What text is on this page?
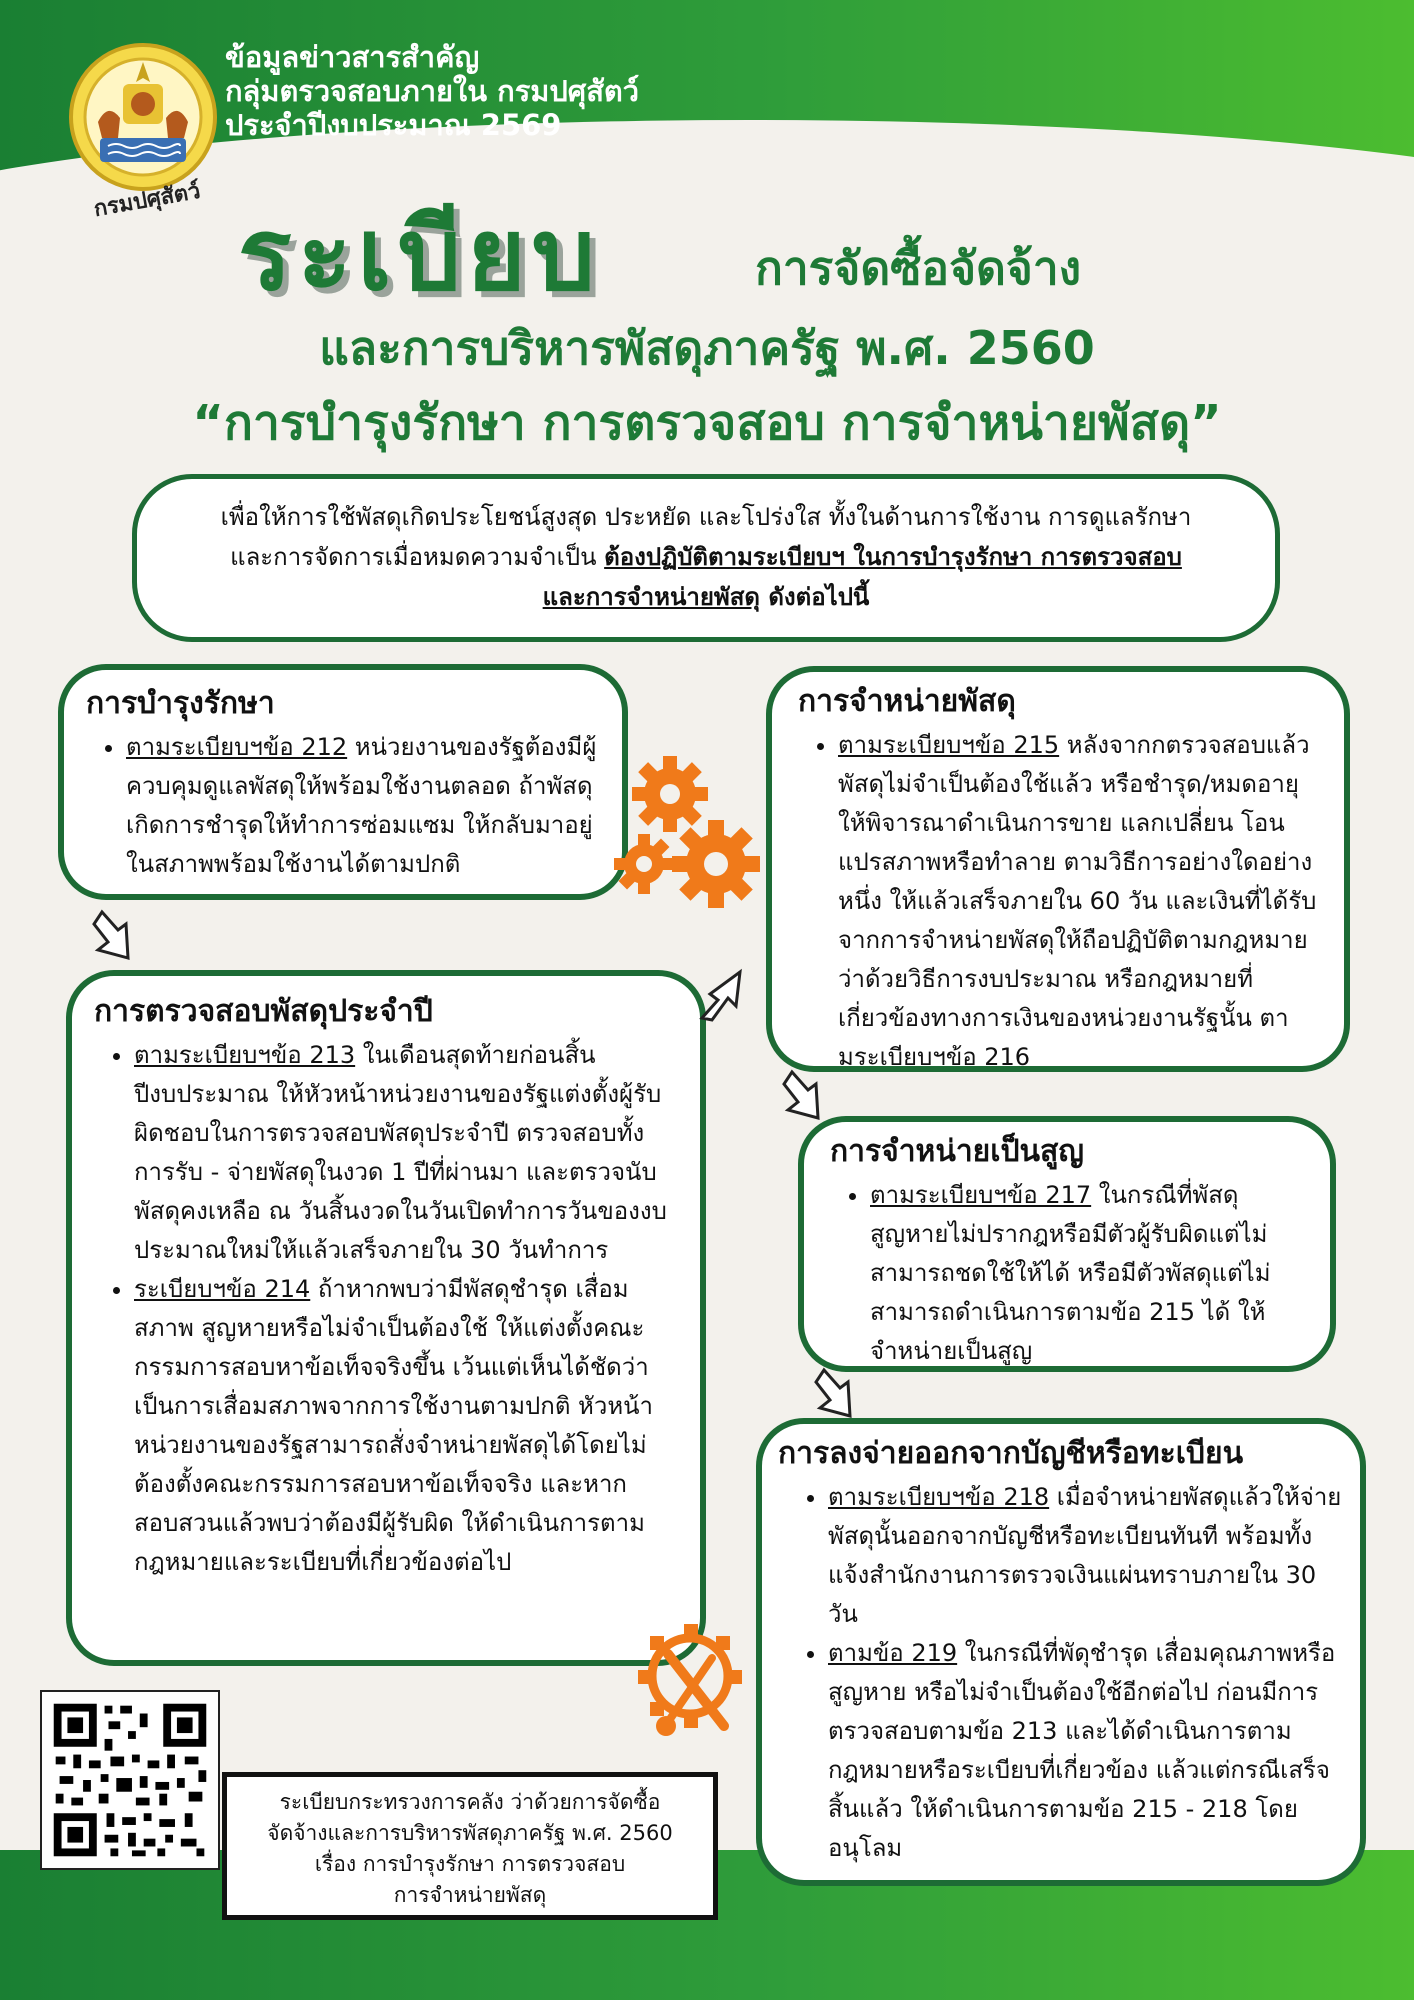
กรมปศุสัตว์
ข้อมูลข่าวสารสำคัญ
กลุ่มตรวจสอบภายใน กรมปศุสัตว์
ประจำปีงบประมาณ 2569
ระเบียบ	การจัดซื้อจัดจ้าง
และการบริหารพัสดุภาครัฐ พ.ศ. 2560
“การบำรุงรักษา การตรวจสอบ การจำหน่ายพัสดุ”
เพื่อให้การใช้พัสดุเกิดประโยชน์สูงสุด ประหยัด และโปร่งใส ทั้งในด้านการใช้งาน การดูแลรักษา
และการจัดการเมื่อหมดความจำเป็น ต้องปฏิบัติตามระเบียบฯ ในการบำรุงรักษา การตรวจสอบ
และการจำหน่ายพัสดุ ดังต่อไปนี้
การบำรุงรักษา
• ตามระเบียบฯข้อ 212 หน่วยงานของรัฐต้องมีผู้ควบคุมดูแลพัสดุให้พร้อมใช้งานตลอด ถ้าพัสดุเกิดการชำรุดให้ทำการซ่อมแซม ให้กลับมาอยู่ในสภาพพร้อมใช้งานได้ตามปกติ
การตรวจสอบพัสดุประจำปี
• ตามระเบียบฯข้อ 213 ในเดือนสุดท้ายก่อนสิ้นปีงบประมาณ ให้หัวหน้าหน่วยงานของรัฐแต่งตั้งผู้รับผิดชอบในการตรวจสอบพัสดุประจำปี ตรวจสอบทั้งการรับ - จ่ายพัสดุในงวด 1 ปีที่ผ่านมา และตรวจนับพัสดุคงเหลือ ณ วันสิ้นงวดในวันเปิดทำการวันของงบประมาณใหม่ให้แล้วเสร็จภายใน 30 วันทำการ
• ระเบียบฯข้อ 214 ถ้าหากพบว่ามีพัสดุชำรุด เสื่อมสภาพ สูญหายหรือไม่จำเป็นต้องใช้ ให้แต่งตั้งคณะกรรมการสอบหาข้อเท็จจริงขึ้น เว้นแต่เห็นได้ชัดว่าเป็นการเสื่อมสภาพจากการใช้งานตามปกติ หัวหน้าหน่วยงานของรัฐสามารถสั่งจำหน่ายพัสดุได้โดยไม่ต้องตั้งคณะกรรมการสอบหาข้อเท็จจริง และหากสอบสวนแล้วพบว่าต้องมีผู้รับผิด ให้ดำเนินการตามกฎหมายและระเบียบที่เกี่ยวข้องต่อไป
การจำหน่ายพัสดุ
• ตามระเบียบฯข้อ 215 หลังจากกตรวจสอบแล้ว พัสดุไม่จำเป็นต้องใช้แล้ว หรือชำรุด/หมดอายุ ให้พิจารณาดำเนินการขาย แลกเปลี่ยน โอน แปรสภาพหรือทำลาย ตามวิธีการอย่างใดอย่างหนึ่ง ให้แล้วเสร็จภายใน 60 วัน และเงินที่ได้รับจากการจำหน่ายพัสดุให้ถือปฏิบัติตามกฎหมายว่าด้วยวิธีการงบประมาณ หรือกฎหมายที่เกี่ยวข้องทางการเงินของหน่วยงานรัฐนั้น ตามระเบียบฯข้อ 216
การจำหน่ายเป็นสูญ
• ตามระเบียบฯข้อ 217 ในกรณีที่พัสดุสูญหายไม่ปรากฎหรือมีตัวผู้รับผิดแต่ไม่สามารถชดใช้ให้ได้ หรือมีตัวพัสดุแต่ไม่สามารถดำเนินการตามข้อ 215 ได้ ให้จำหน่ายเป็นสูญ
การลงจ่ายออกจากบัญชีหรือทะเบียน
• ตามระเบียบฯข้อ 218 เมื่อจำหน่ายพัสดุแล้วให้จ่ายพัสดุนั้นออกจากบัญชีหรือทะเบียนทันที พร้อมทั้งแจ้งสำนักงานการตรวจเงินแผ่นทราบภายใน 30 วัน
• ตามข้อ 219 ในกรณีที่พัดุชำรุด เสื่อมคุณภาพหรือสูญหาย หรือไม่จำเป็นต้องใช้อีกต่อไป ก่อนมีการตรวจสอบตามข้อ 213 และได้ดำเนินการตามกฎหมายหรือระเบียบที่เกี่ยวข้อง แล้วแต่กรณีเสร็จสิ้นแล้ว ให้ดำเนินการตามข้อ 215 - 218 โดยอนุโลม
ระเบียบกระทรวงการคลัง ว่าด้วยการจัดซื้อ
จัดจ้างและการบริหารพัสดุภาครัฐ พ.ศ. 2560
เรื่อง การบำรุงรักษา การตรวจสอบ
การจำหน่ายพัสดุ
